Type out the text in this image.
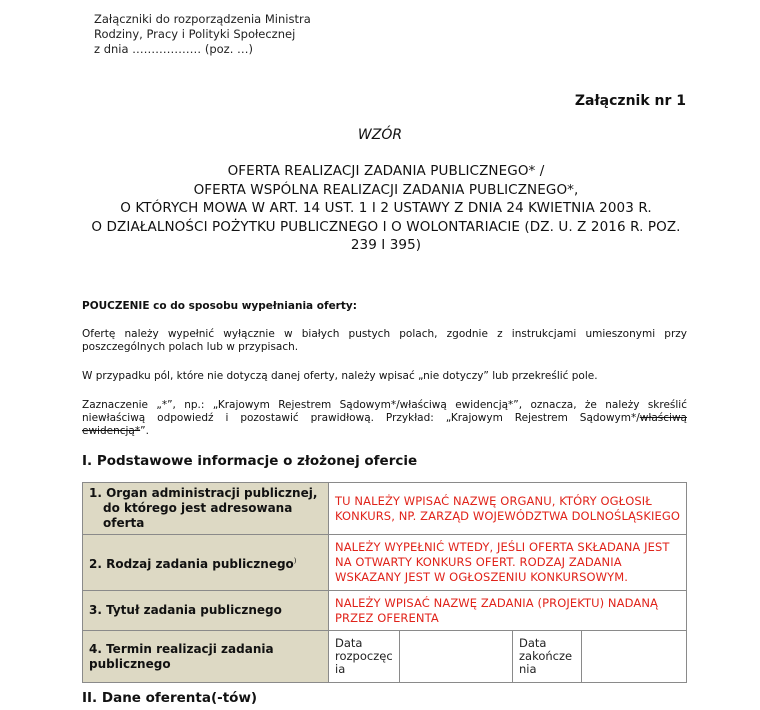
Załączniki do rozporządzenia Ministra
Rodziny, Pracy i Polityki Społecznej
z dnia ……………… (poz. …)
Załącznik nr 1
WZÓR
OFERTA REALIZACJI ZADANIA PUBLICZNEGO* /
OFERTA WSPÓLNA REALIZACJI ZADANIA PUBLICZNEGO*,
O KTÓRYCH MOWA W ART. 14 UST. 1 I 2 USTAWY Z DNIA 24 KWIETNIA 2003 R.
O DZIAŁALNOŚCI POŻYTKU PUBLICZNEGO I O WOLONTARIACIE (DZ. U. Z 2016 R. POZ.
239 I 395)
POUCZENIE co do sposobu wypełniania oferty:
Ofertę należy wypełnić wyłącznie w białych pustych polach, zgodnie z instrukcjami umieszonymi przy poszczególnych polach lub w przypisach.
W przypadku pól, które nie dotyczą danej oferty, należy wpisać „nie dotyczy” lub przekreślić pole.
Zaznaczenie „*”, np.: „Krajowym Rejestrem Sądowym*/właściwą ewidencją*”, oznacza, że należy skreślić niewłaściwą odpowiedź i pozostawić prawidłową. Przykład: „Krajowym Rejestrem Sądowym*/właściwą ewidencją*”.
I. Podstawowe informacje o złożonej ofercie
1. Organ administracji publicznej,
do którego jest adresowana oferta	TU NALEŻY WPISAĆ NAZWĘ ORGANU, KTÓRY OGŁOSIŁ KONKURS, NP. ZARZĄD WOJEWÓDZTWA DOLNOŚLĄSKIEGO			
2. Rodzaj zadania publicznego)	NALEŻY WYPEŁNIĆ WTEDY, JEŚLI OFERTA SKŁADANA JEST NA OTWARTY KONKURS OFERT. RODZAJ ZADANIA WSKAZANY JEST W OGŁOSZENIU KONKURSOWYM.			
3. Tytuł zadania publicznego	NALEŻY WPISAĆ NAZWĘ ZADANIA (PROJEKTU) NADANĄ PRZEZ OFERENTA			
4. Termin realizacji zadania publicznego	Data rozpoczęc ia		Data zakończe nia	
II. Dane oferenta(-tów)
